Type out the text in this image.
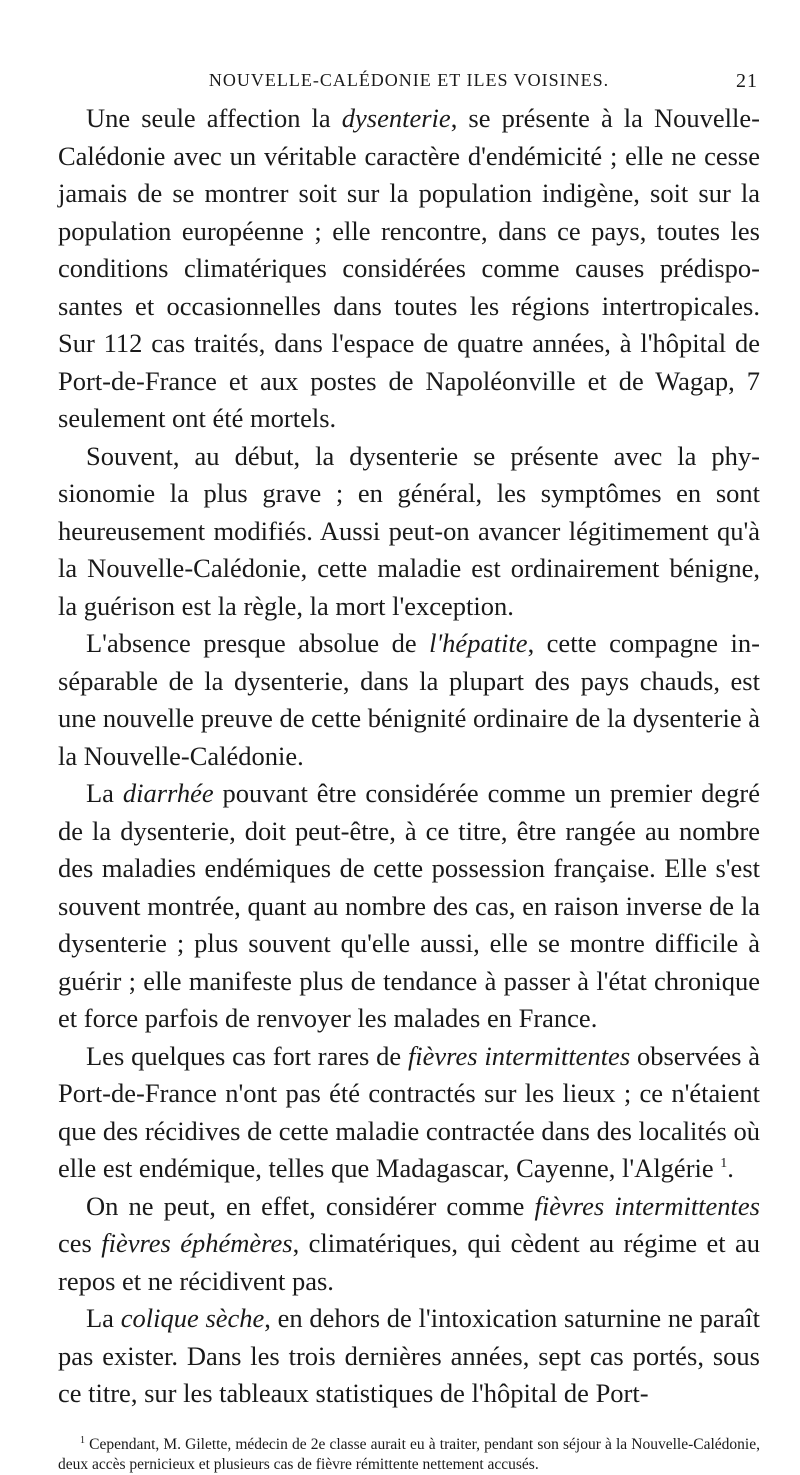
NOUVELLE-CALÉDONIE ET ILES VOISINES.	21

Une seule affection la dysenterie, se présente à la Nouvelle-Calédonie avec un véritable caractère d'endémicité ; elle ne cesse jamais de se montrer soit sur la population indigène, soit sur la population européenne ; elle rencontre, dans ce pays, toutes les conditions climatériques considérées comme causes prédisposantes et occasionnelles dans toutes les régions intertropicales. Sur 112 cas traités, dans l'espace de quatre années, à l'hôpital de Port-de-France et aux postes de Napoléonville et de Wagap, 7 seulement ont été mortels.

Souvent, au début, la dysenterie se présente avec la physionomie la plus grave ; en général, les symptômes en sont heureusement modifiés. Aussi peut-on avancer légitimement qu'à la Nouvelle-Calédonie, cette maladie est ordinairement bénigne, la guérison est la règle, la mort l'exception.

L'absence presque absolue de l'hépatite, cette compagne inséparable de la dysenterie, dans la plupart des pays chauds, est une nouvelle preuve de cette bénignité ordinaire de la dysenterie à la Nouvelle-Calédonie.

La diarrhée pouvant être considérée comme un premier degré de la dysenterie, doit peut-être, à ce titre, être rangée au nombre des maladies endémiques de cette possession française. Elle s'est souvent montrée, quant au nombre des cas, en raison inverse de la dysenterie ; plus souvent qu'elle aussi, elle se montre difficile à guérir ; elle manifeste plus de tendance à passer à l'état chronique et force parfois de renvoyer les malades en France.

Les quelques cas fort rares de fièvres intermittentes observées à Port-de-France n'ont pas été contractés sur les lieux ; ce n'étaient que des récidives de cette maladie contractée dans des localités où elle est endémique, telles que Madagascar, Cayenne, l'Algérie $^1$.

On ne peut, en effet, considérer comme fièvres intermittentes ces fièvres éphémères, climatériques, qui cèdent au régime et au repos et ne récidivent pas.

La colique sèche, en dehors de l'intoxication saturnine ne paraît pas exister. Dans les trois dernières années, sept cas portés, sous ce titre, sur les tableaux statistiques de l'hôpital de Port-

$^1$ Cependant, M. Gilette, médecin de 2e classe aurait eu à traiter, pendant son séjour à la Nouvelle-Calédonie, deux accès pernicieux et plusieurs cas de fièvre rémittente nettement accusés.
